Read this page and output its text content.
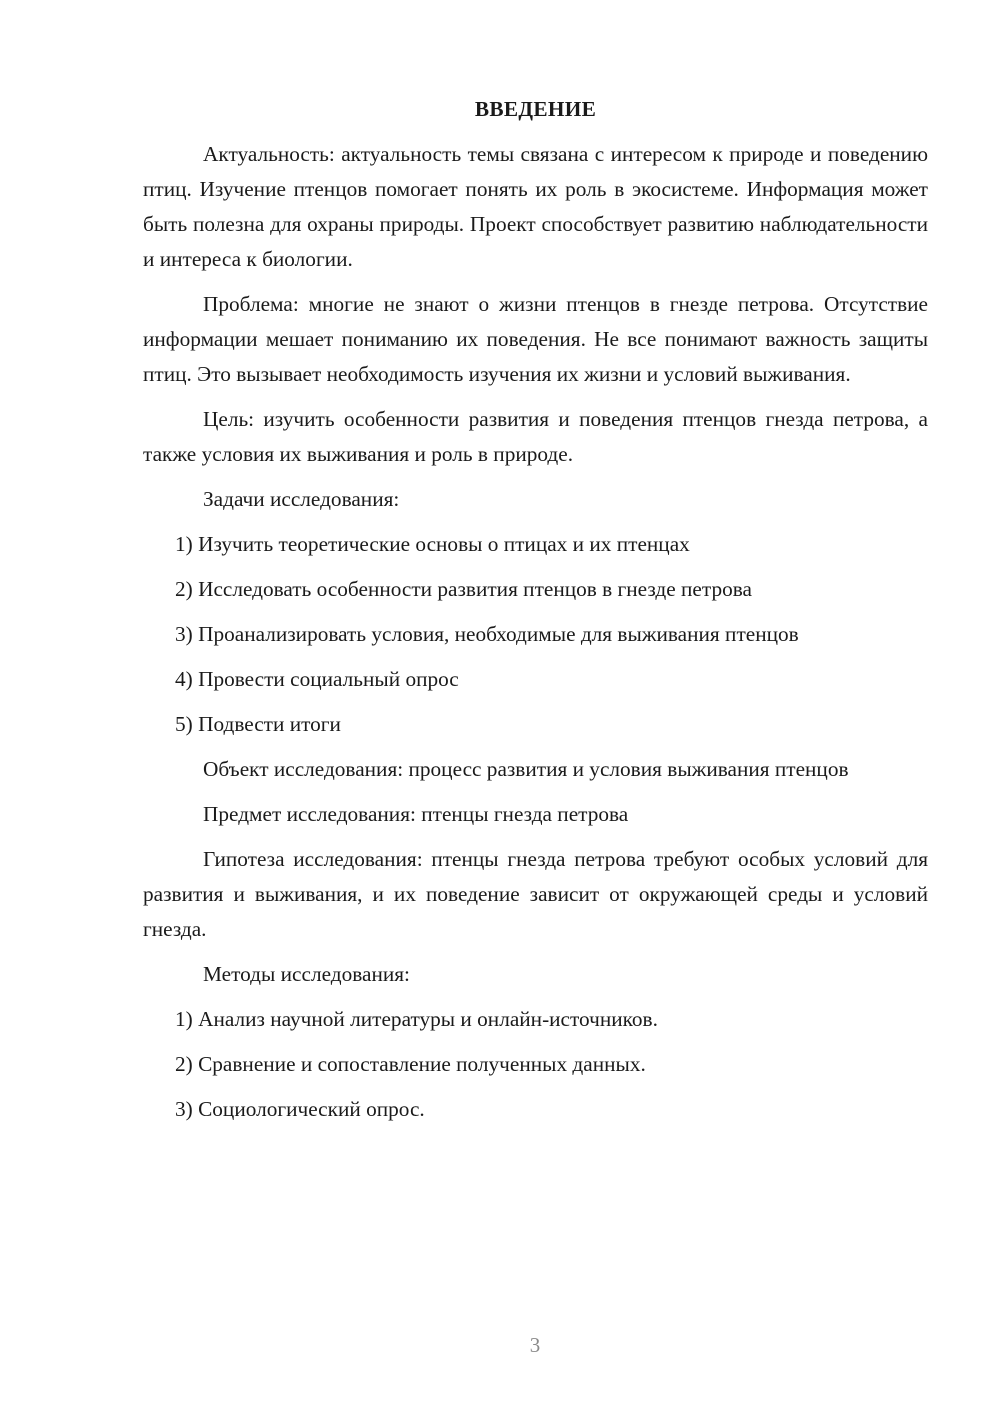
ВВЕДЕНИЕ

Актуальность: актуальность темы связана с интересом к природе и поведению птиц. Изучение птенцов помогает понять их роль в экосистеме. Информация может быть полезна для охраны природы. Проект способствует развитию наблюдательности и интереса к биологии.

Проблема: многие не знают о жизни птенцов в гнезде петрова. Отсутствие информации мешает пониманию их поведения. Не все понимают важность защиты птиц. Это вызывает необходимость изучения их жизни и условий выживания.

Цель: изучить особенности развития и поведения птенцов гнезда петрова, а также условия их выживания и роль в природе.

Задачи исследования:

1) Изучить теоретические основы о птицах и их птенцах
2) Исследовать особенности развития птенцов в гнезде петрова
3) Проанализировать условия, необходимые для выживания птенцов
4) Провести социальный опрос
5) Подвести итоги

Объект исследования: процесс развития и условия выживания птенцов

Предмет исследования: птенцы гнезда петрова

Гипотеза исследования: птенцы гнезда петрова требуют особых условий для развития и выживания, и их поведение зависит от окружающей среды и условий гнезда.

Методы исследования:

1) Анализ научной литературы и онлайн-источников.
2) Сравнение и сопоставление полученных данных.
3) Социологический опрос.
3
